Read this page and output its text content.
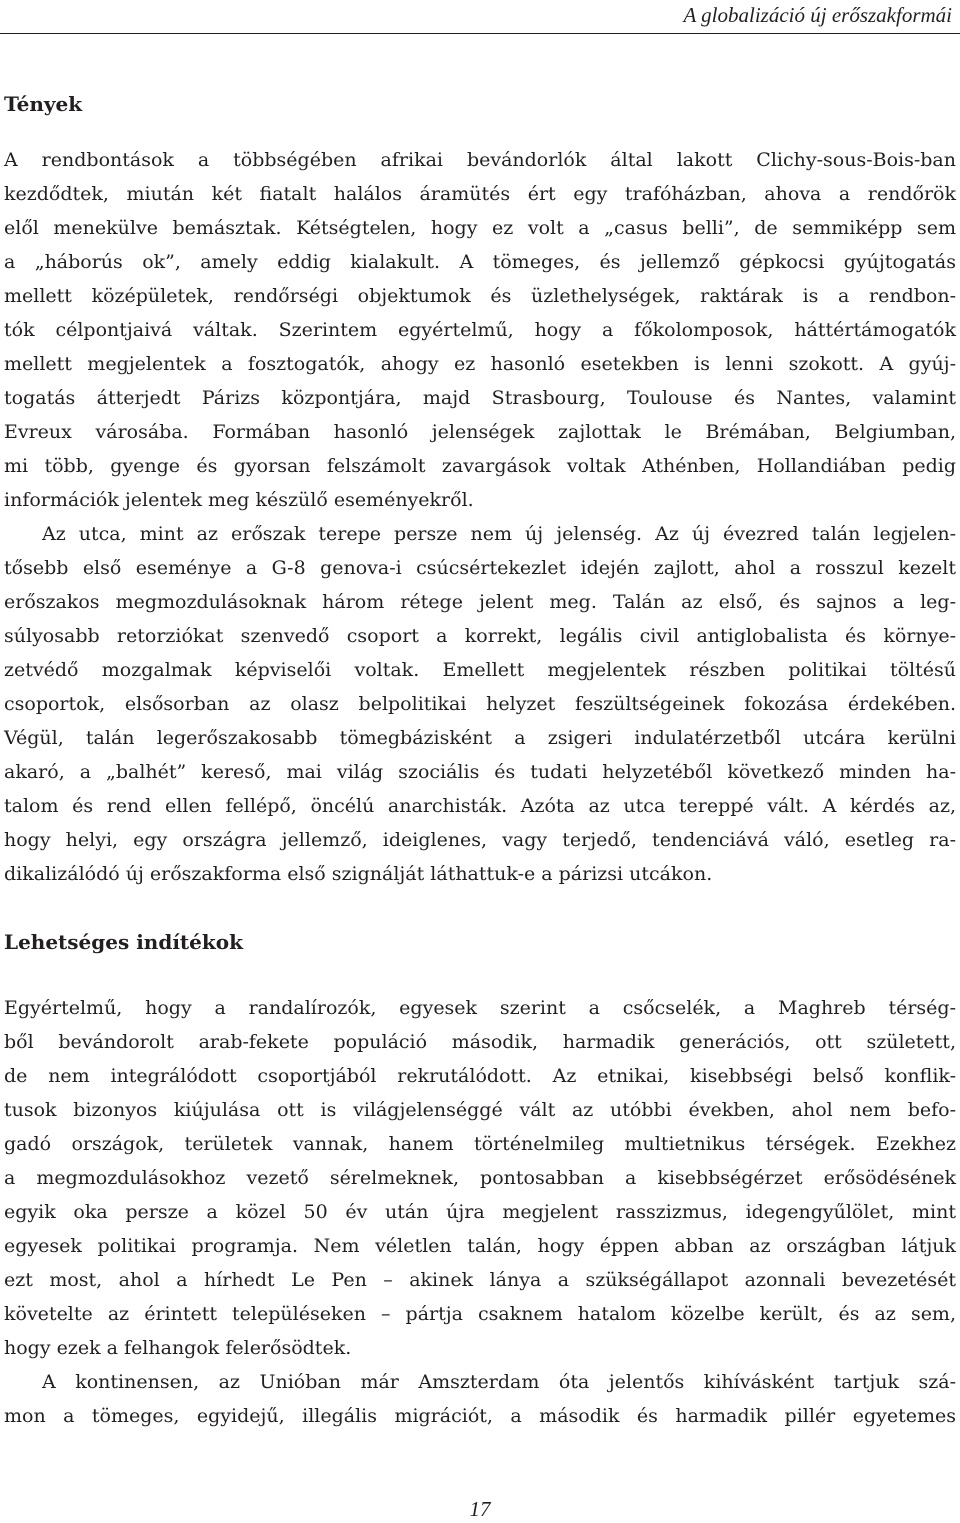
A globalizáció új erőszakformái
Tények
A rendbontások a többségében afrikai bevándorlók által lakott Clichy-sous-Bois-ban
kezdődtek, miután két fiatalt halálos áramütés ért egy trafóházban, ahova a rendőrök
elől menekülve bemásztak. Kétségtelen, hogy ez volt a „casus belli”, de semmiképp sem
a „háborús ok”, amely eddig kialakult. A tömeges, és jellemző gépkocsi gyújtogatás
mellett középületek, rendőrségi objektumok és üzlethelységek, raktárak is a rendbon-
tók célpontjaivá váltak. Szerintem egyértelmű, hogy a főkolomposok, háttértámogatók
mellett megjelentek a fosztogatók, ahogy ez hasonló esetekben is lenni szokott. A gyúj-
togatás átterjedt Párizs központjára, majd Strasbourg, Toulouse és Nantes, valamint
Evreux városába. Formában hasonló jelenségek zajlottak le Brémában, Belgiumban,
mi több, gyenge és gyorsan felszámolt zavargások voltak Athénben, Hollandiában pedig
információk jelentek meg készülő eseményekről.
Az utca, mint az erőszak terepe persze nem új jelenség. Az új évezred talán legjelen-
tősebb első eseménye a G-8 genova-i csúcsértekezlet idején zajlott, ahol a rosszul kezelt
erőszakos megmozdulásoknak három rétege jelent meg. Talán az első, és sajnos a leg-
súlyosabb retorziókat szenvedő csoport a korrekt, legális civil antiglobalista és környe-
zetvédő mozgalmak képviselői voltak. Emellett megjelentek részben politikai töltésű
csoportok, elsősorban az olasz belpolitikai helyzet feszültségeinek fokozása érdekében.
Végül, talán legerőszakosabb tömegbázisként a zsigeri indulatérzetből utcára kerülni
akaró, a „balhét” kereső, mai világ szociális és tudati helyzetéből következő minden ha-
talom és rend ellen fellépő, öncélú anarchisták. Azóta az utca tereppé vált. A kérdés az,
hogy helyi, egy országra jellemző, ideiglenes, vagy terjedő, tendenciává váló, esetleg ra-
dikalizálódó új erőszakforma első szignálját láthattuk-e a párizsi utcákon.
Lehetséges indítékok
Egyértelmű, hogy a randalírozók, egyesek szerint a csőcselék, a Maghreb térség-
ből bevándorolt arab-fekete populáció második, harmadik generációs, ott született,
de nem integrálódott csoportjából rekrutálódott. Az etnikai, kisebbségi belső konflik-
tusok bizonyos kiújulása ott is világjelenséggé vált az utóbbi években, ahol nem befo-
gadó országok, területek vannak, hanem történelmileg multietnikus térségek. Ezekhez
a megmozdulásokhoz vezető sérelmeknek, pontosabban a kisebbségérzet erősödésének
egyik oka persze a közel 50 év után újra megjelent rasszizmus, idegengyűlölet, mint
egyesek politikai programja. Nem véletlen talán, hogy éppen abban az országban látjuk
ezt most, ahol a hírhedt Le Pen – akinek lánya a szükségállapot azonnali bevezetését
követelte az érintett településeken – pártja csaknem hatalom közelbe került, és az sem,
hogy ezek a felhangok felerősödtek.
A kontinensen, az Unióban már Amszterdam óta jelentős kihívásként tartjuk szá-
mon a tömeges, egyidejű, illegális migrációt, a második és harmadik pillér egyetemes
17
